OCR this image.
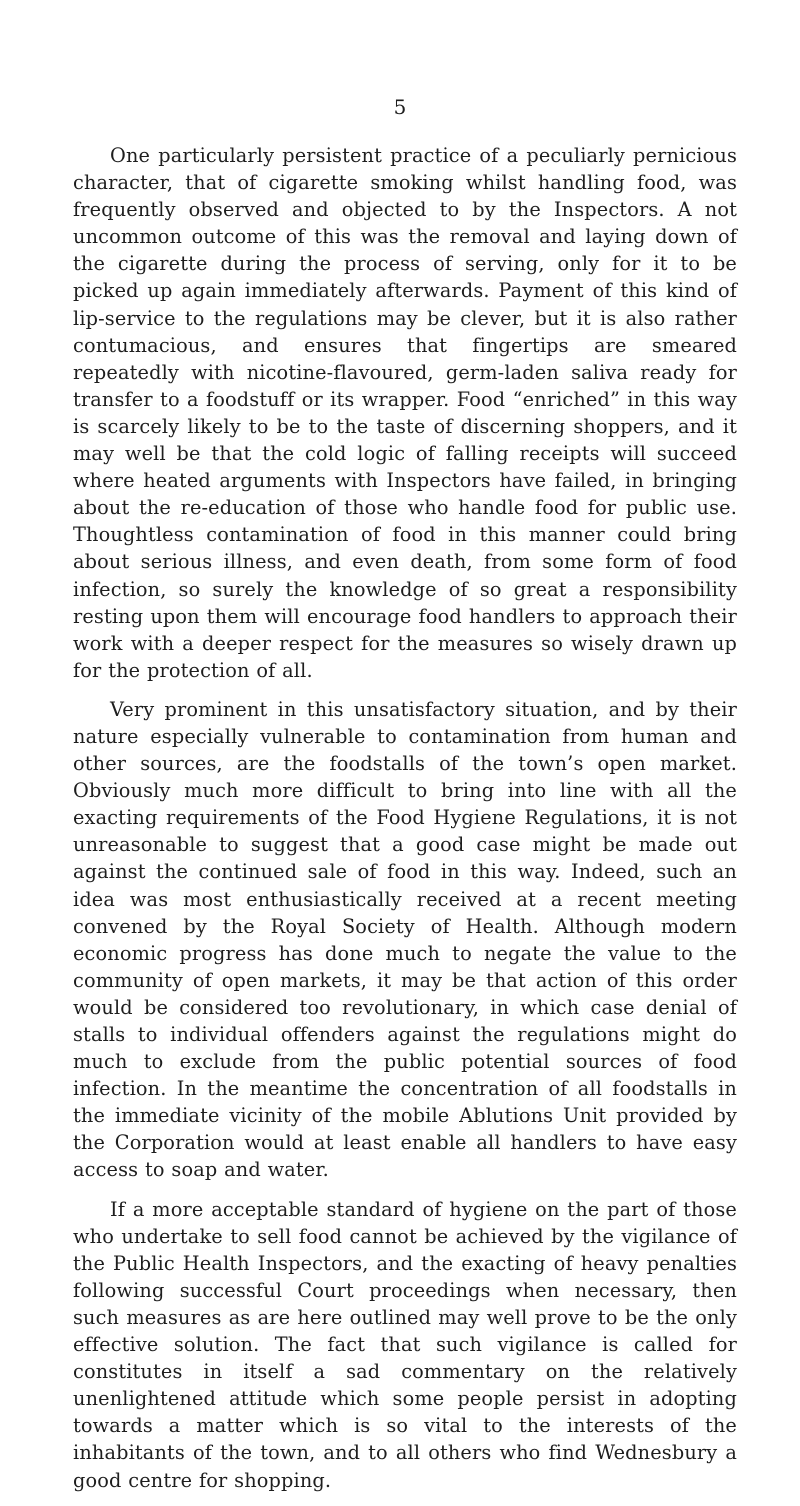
5

One particularly persistent practice of a peculiarly pernicious character, that of cigarette smoking whilst handling food, was frequently observed and objected to by the Inspectors. A not uncommon outcome of this was the removal and laying down of the cigarette during the process of serving, only for it to be picked up again immediately afterwards. Payment of this kind of lip-service to the regulations may be clever, but it is also rather contumacious, and ensures that fingertips are smeared repeatedly with nicotine-flavoured, germ-laden saliva ready for transfer to a foodstuff or its wrapper. Food “enriched” in this way is scarcely likely to be to the taste of discerning shoppers, and it may well be that the cold logic of falling receipts will succeed where heated arguments with Inspectors have failed, in bringing about the re-education of those who handle food for public use. Thoughtless contamination of food in this manner could bring about serious illness, and even death, from some form of food infection, so surely the knowledge of so great a responsibility resting upon them will encourage food handlers to approach their work with a deeper respect for the measures so wisely drawn up for the protection of all.

Very prominent in this unsatisfactory situation, and by their nature especially vulnerable to contamination from human and other sources, are the foodstalls of the town’s open market. Obviously much more difficult to bring into line with all the exacting requirements of the Food Hygiene Regulations, it is not unreasonable to suggest that a good case might be made out against the continued sale of food in this way. Indeed, such an idea was most enthusiastically received at a recent meeting convened by the Royal Society of Health. Although modern economic progress has done much to negate the value to the community of open markets, it may be that action of this order would be considered too revolutionary, in which case denial of stalls to individual offenders against the regulations might do much to exclude from the public potential sources of food infection. In the meantime the concentration of all foodstalls in the immediate vicinity of the mobile Ablutions Unit provided by the Corporation would at least enable all handlers to have easy access to soap and water.

If a more acceptable standard of hygiene on the part of those who undertake to sell food cannot be achieved by the vigilance of the Public Health Inspectors, and the exacting of heavy penalties following successful Court proceedings when necessary, then such measures as are here outlined may well prove to be the only effective solution. The fact that such vigilance is called for constitutes in itself a sad commentary on the relatively unenlightened attitude which some people persist in adopting towards a matter which is so vital to the interests of the inhabitants of the town, and to all others who find Wednesbury a good centre for shopping.
